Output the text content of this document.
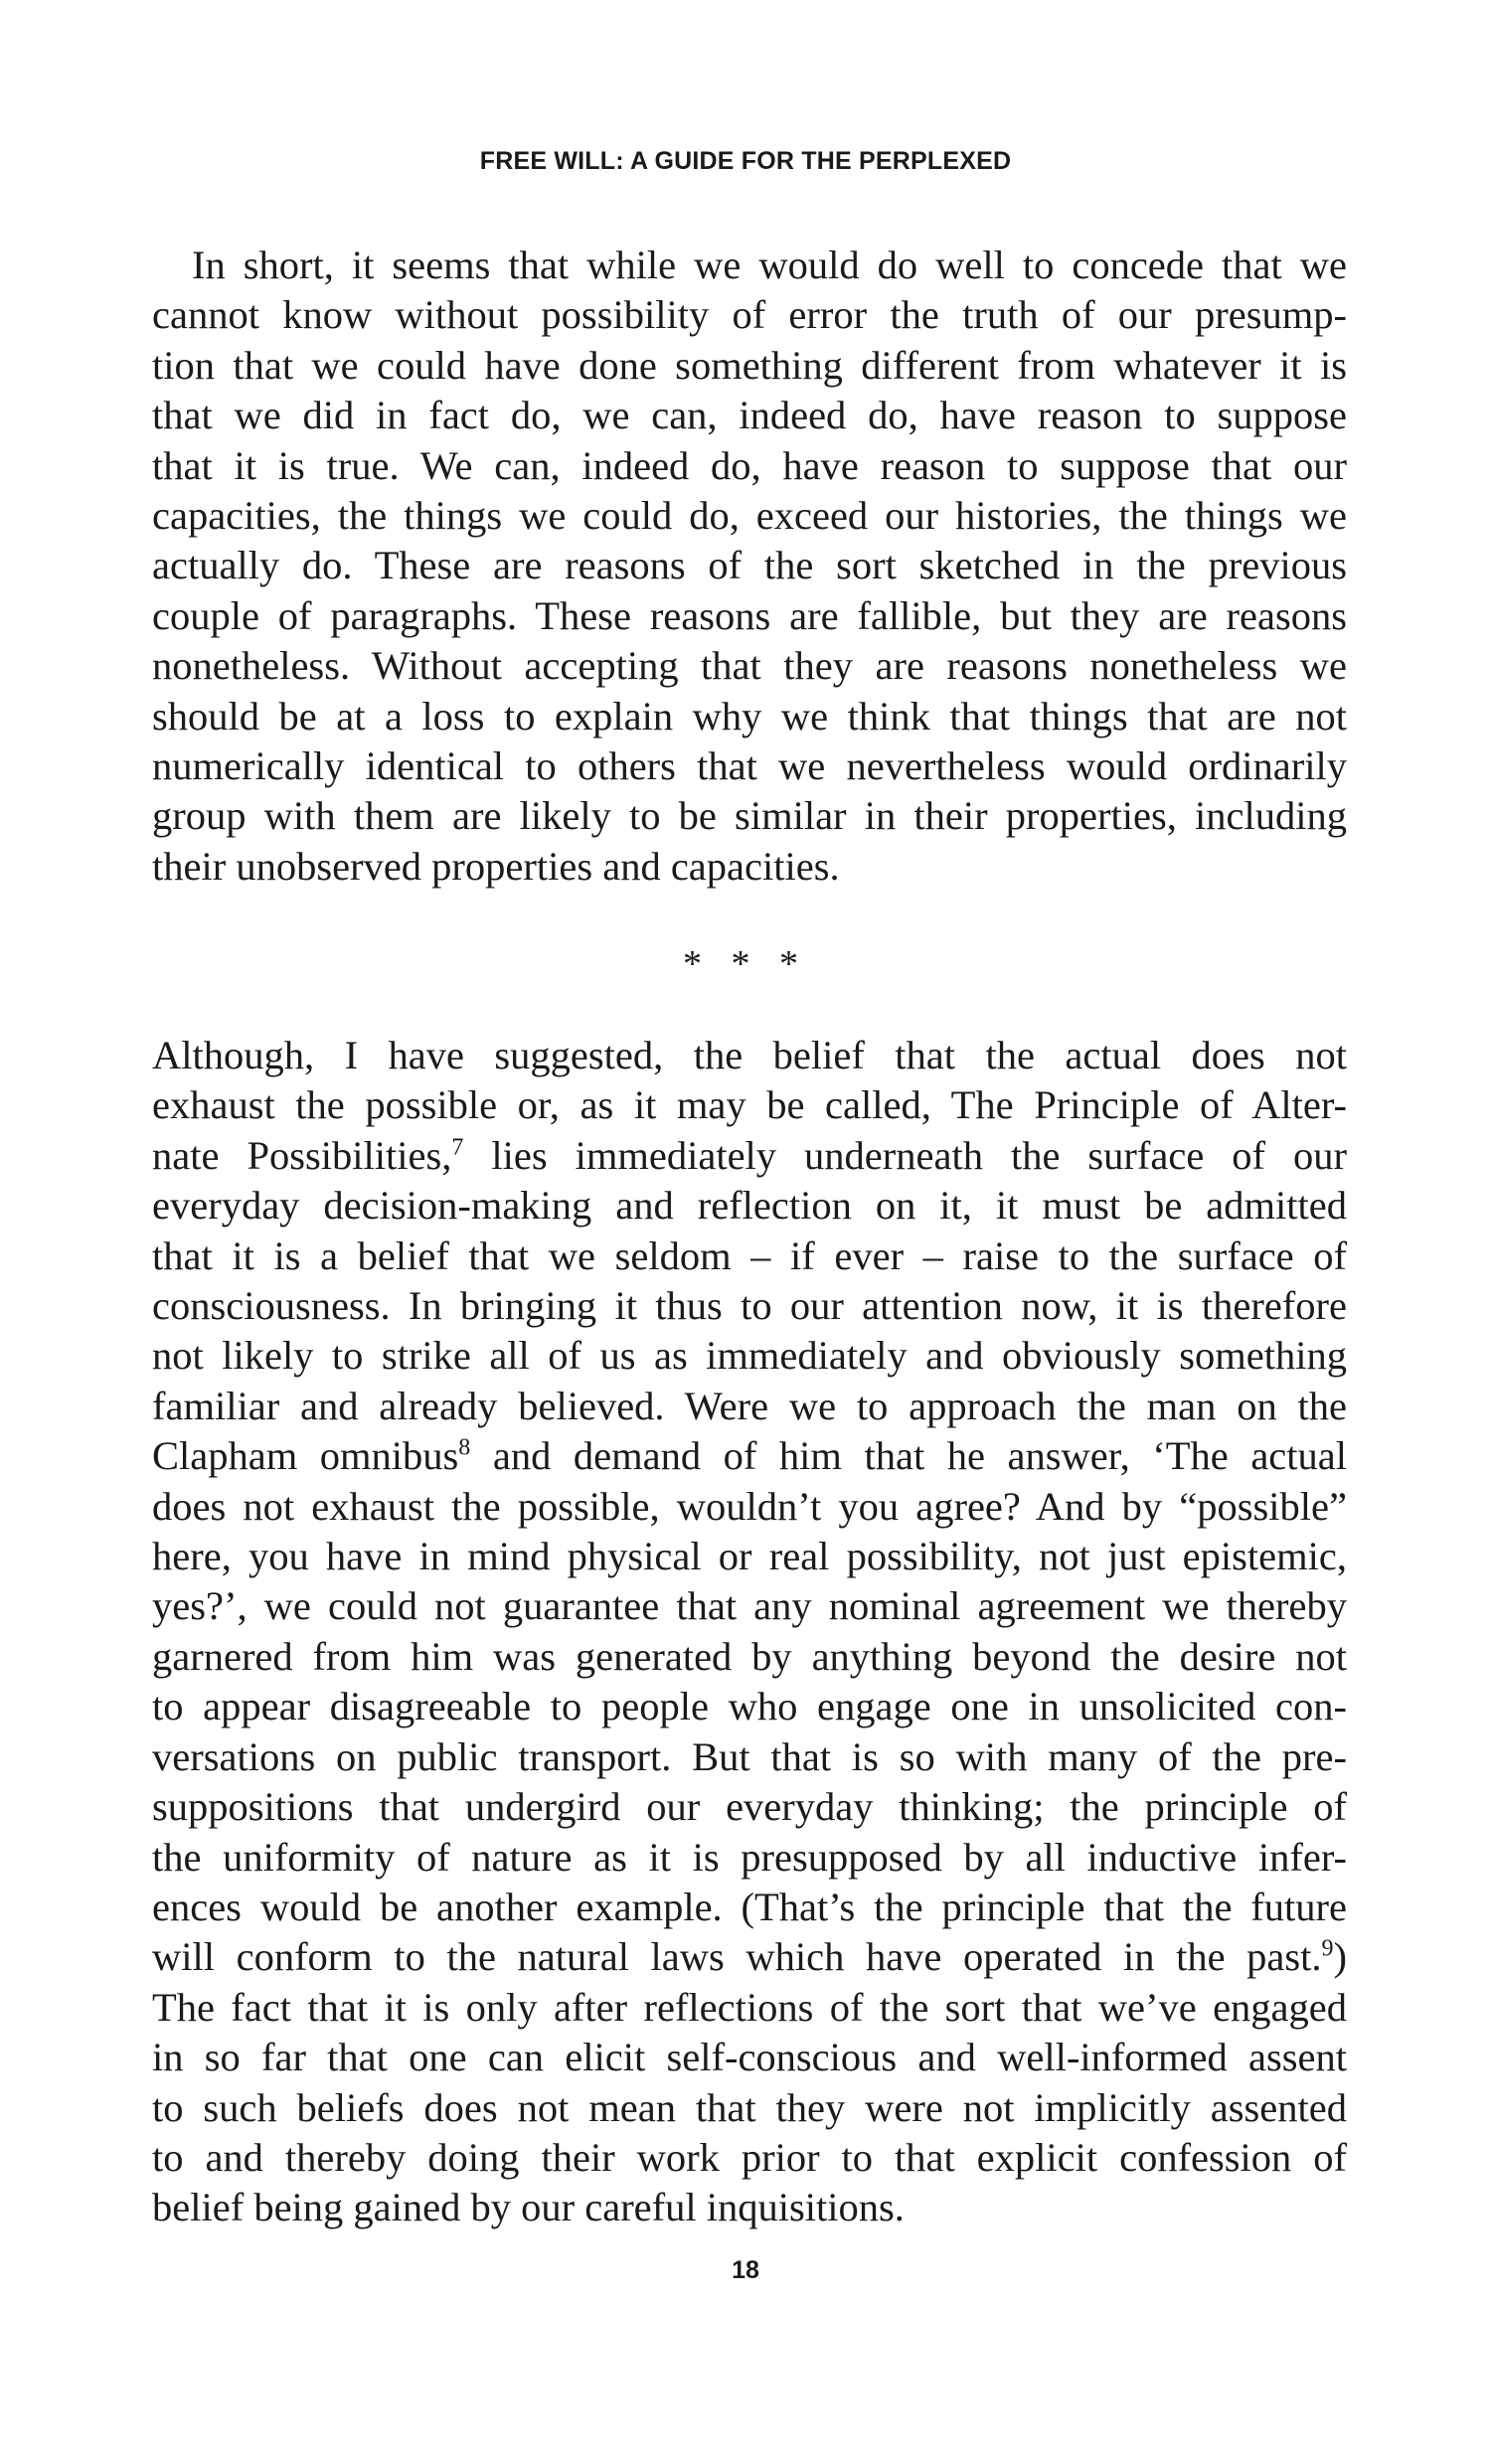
FREE WILL: A GUIDE FOR THE PERPLEXED

In short, it seems that while we would do well to concede that we
cannot know without possibility of error the truth of our presump-
tion that we could have done something different from whatever it is
that we did in fact do, we can, indeed do, have reason to suppose
that it is true. We can, indeed do, have reason to suppose that our
capacities, the things we could do, exceed our histories, the things we
actually do. These are reasons of the sort sketched in the previous
couple of paragraphs. These reasons are fallible, but they are reasons
nonetheless. Without accepting that they are reasons nonetheless we
should be at a loss to explain why we think that things that are not
numerically identical to others that we nevertheless would ordinarily
group with them are likely to be similar in their properties, including
their unobserved properties and capacities.

* * *

Although, I have suggested, the belief that the actual does not
exhaust the possible or, as it may be called, The Principle of Alter-
nate Possibilities,$^7$ lies immediately underneath the surface of our
everyday decision-making and reflection on it, it must be admitted
that it is a belief that we seldom – if ever – raise to the surface of
consciousness. In bringing it thus to our attention now, it is therefore
not likely to strike all of us as immediately and obviously something
familiar and already believed. Were we to approach the man on the
Clapham omnibus$^8$ and demand of him that he answer, ‘The actual
does not exhaust the possible, wouldn’t you agree? And by “possible”
here, you have in mind physical or real possibility, not just epistemic,
yes?’, we could not guarantee that any nominal agreement we thereby
garnered from him was generated by anything beyond the desire not
to appear disagreeable to people who engage one in unsolicited con-
versations on public transport. But that is so with many of the pre-
suppositions that undergird our everyday thinking; the principle of
the uniformity of nature as it is presupposed by all inductive infer-
ences would be another example. (That’s the principle that the future
will conform to the natural laws which have operated in the past.$^9$)
The fact that it is only after reflections of the sort that we’ve engaged
in so far that one can elicit self-conscious and well-informed assent
to such beliefs does not mean that they were not implicitly assented
to and thereby doing their work prior to that explicit confession of
belief being gained by our careful inquisitions.

18
